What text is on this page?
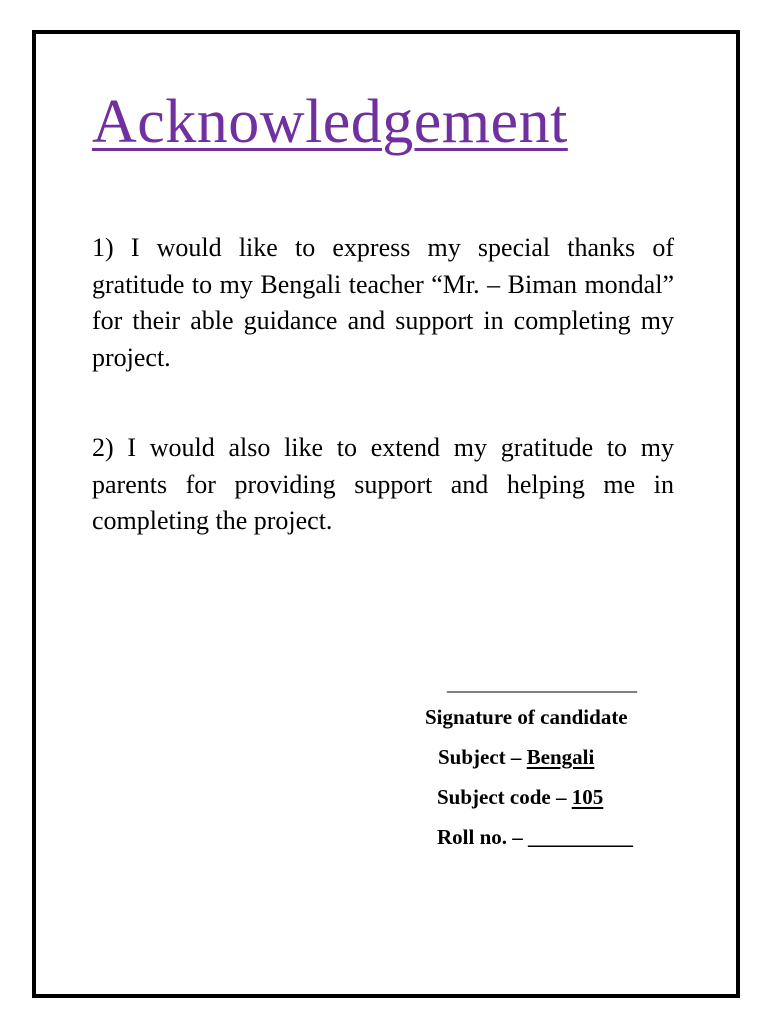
Acknowledgement

1) I would like to express my special thanks of gratitude to my Bengali teacher “Mr. – Biman mondal” for their able guidance and support in completing my project.

2) I would also like to extend my gratitude to my parents for providing support and helping me in completing the project.

___________________
Signature of candidate
Subject – Bengali
Subject code – 105
Roll no. – __________
